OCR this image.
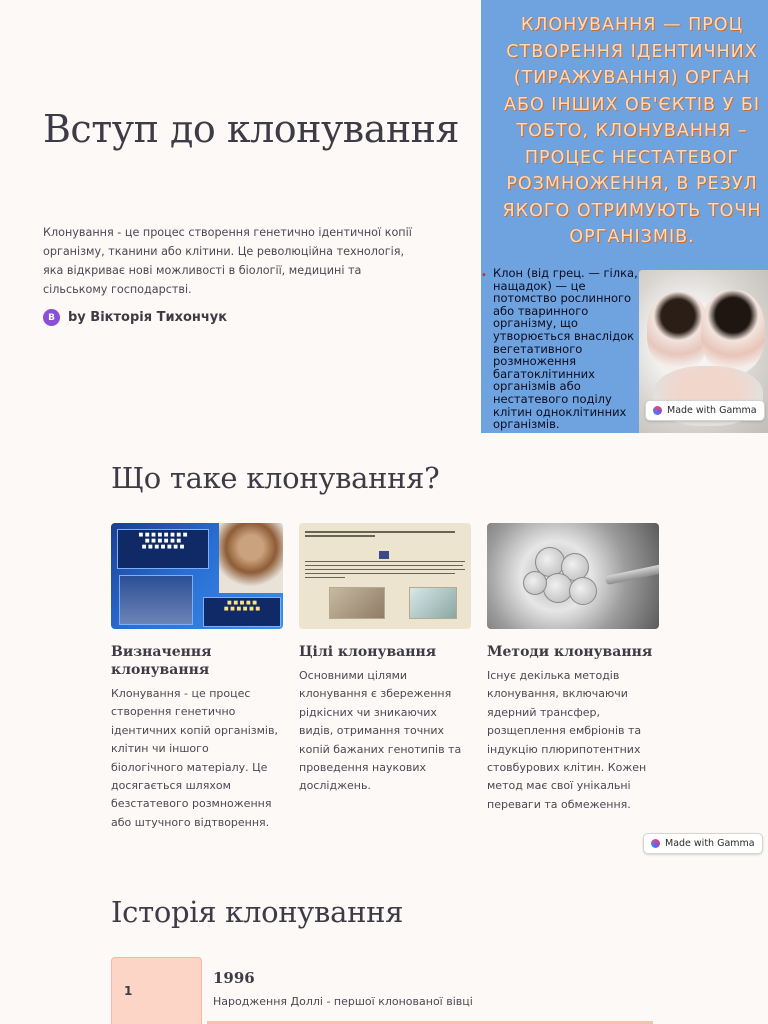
Вступ до клонування

Клонування - це процес створення генетично ідентичної копії організму, тканини або клітини. Це революційна технологія, яка відкриває нові можливості в біології, медицині та сільському господарстві.

В	by Вікторія Тихончук
КЛОНУВАННЯ — ПРОЦ
СТВОРЕННЯ ІДЕНТИЧНИХ
(ТИРАЖУВАННЯ) ОРГАН
АБО ІНШИХ ОБ'ЄКТІВ У БІ
ТОБТО, КЛОНУВАННЯ –
ПРОЦЕС НЕСТАТЕВОГ
РОЗМНОЖЕННЯ, В РЕЗУЛ
ЯКОГО ОТРИМУЮТЬ ТОЧН
ОРГАНІЗМІВ.
• Клон (від грец. — гілка, нащадок) — це потомство рослинного або тваринного організму, що утворюється внаслідок вегетативного розмноження багатоклітинних організмів або нестатевого поділу клітин одноклітинних організмів.
Made with Gamma
Що таке клонування?
■ ■ ■ ■ ■ ■ ■ ■
■ ■ ■ ■ ■ ■
■ ■ ■ ■ ■ ■ ■
■ ■ ■ ■ ■
■ ■ ■ ■ ■ ■
Визначення клонування

Клонування - це процес створення генетично ідентичних копій організмів, клітин чи іншого біологічного матеріалу. Це досягається шляхом безстатевого розмноження або штучного відтворення.

Цілі клонування

Основними цілями клонування є збереження рідкісних чи зникаючих видів, отримання точних копій бажаних генотипів та проведення наукових досліджень.

Методи клонування

Існує декілька методів клонування, включаючи ядерний трансфер, розщеплення ембріонів та індукцію плюрипотентних стовбурових клітин. Кожен метод має свої унікальні переваги та обмеження.

Made with Gamma
Історія клонування
1
1996
Народження Доллі - першої клонованої вівці
